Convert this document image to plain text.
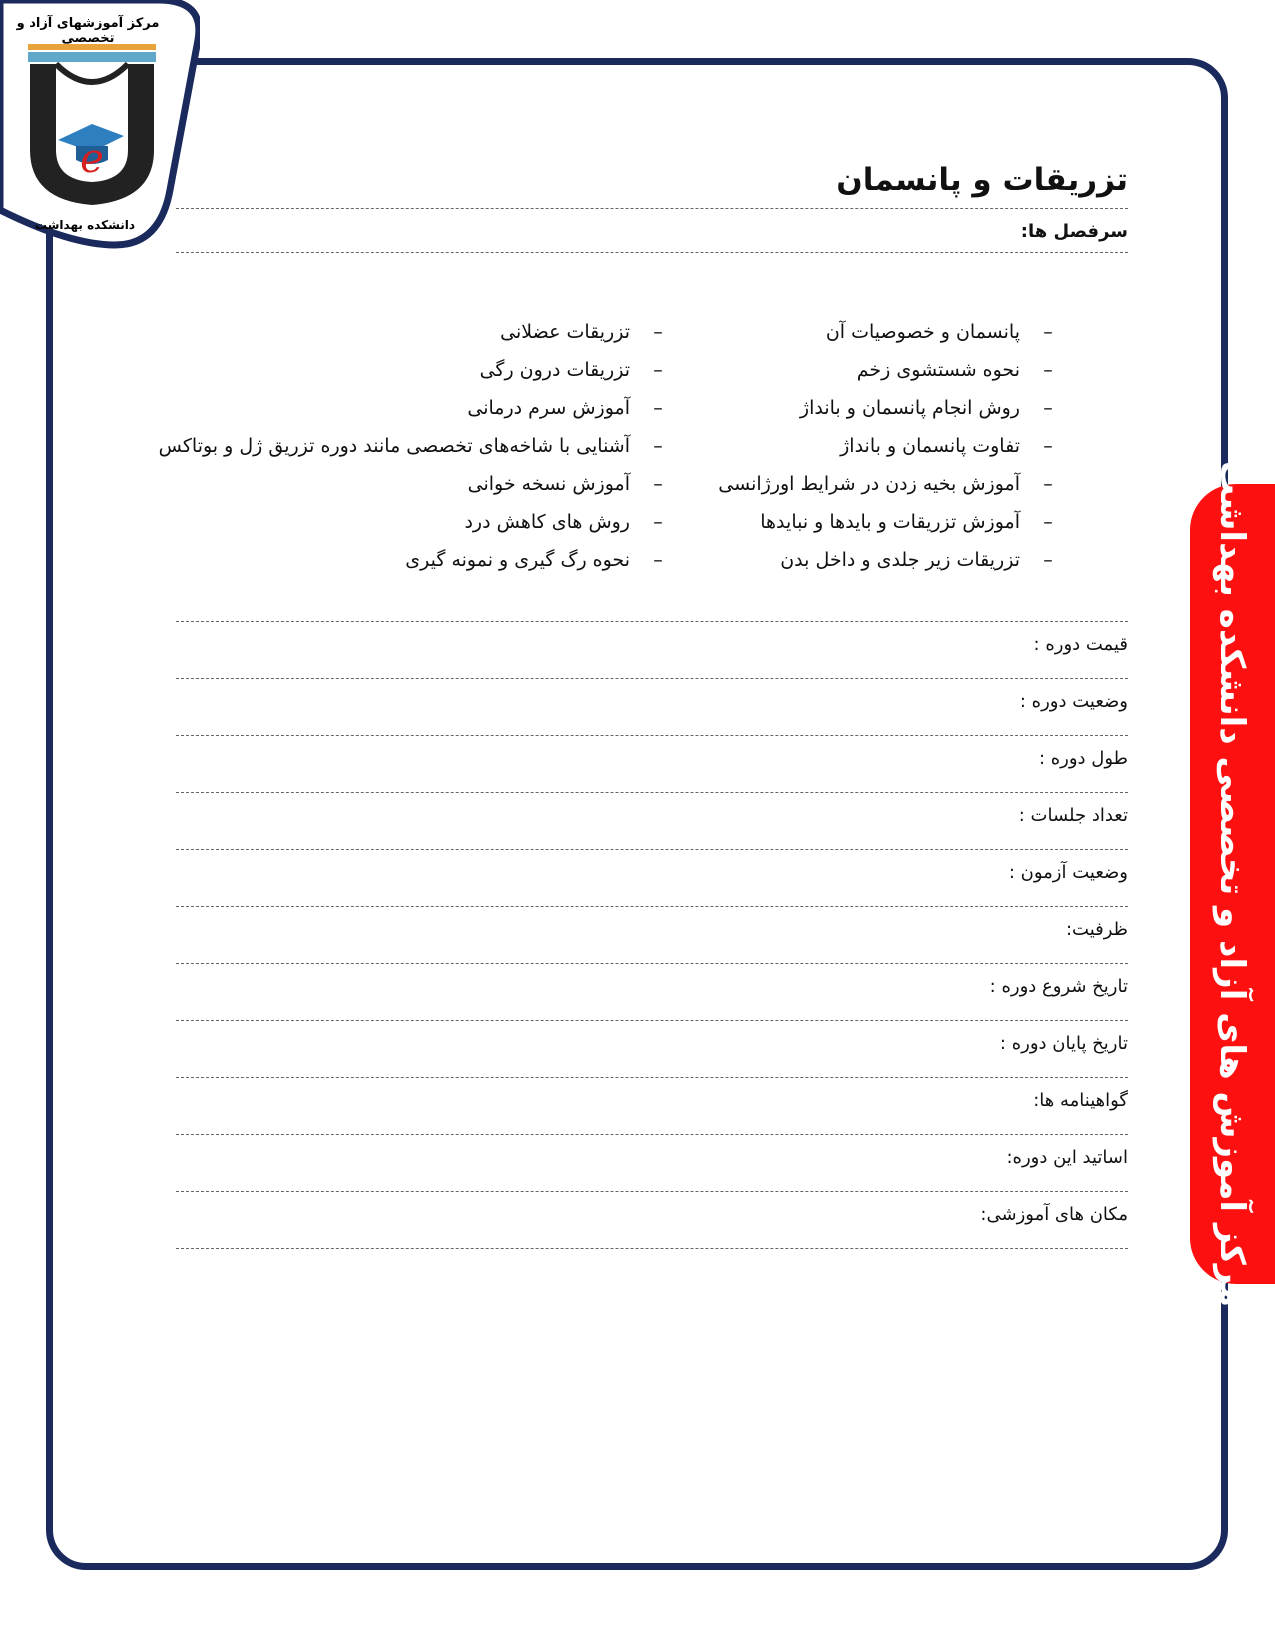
e
مرکز آموزشهای آزاد و تخصصی
دانشکده بهداشت
مرکز آموزش های آزاد و تخصصی دانشکده بهداشت
تزریقات و پانسمان
سرفصل ها:
–پانسمان و خصوصیات آن
–نحوه شستشوی زخم
–روش انجام پانسمان و بانداژ
–تفاوت پانسمان و بانداژ
–آموزش بخیه زدن در شرایط اورژانسی
–آموزش تزریقات و بایدها و نبایدها
–تزریقات زیر جلدی و داخل بدن
–تزریقات عضلانی
–تزریقات درون رگی
–آموزش سرم درمانی
–آشنایی با شاخه‌های تخصصی مانند دوره تزریق ژل و بوتاکس
–آموزش نسخه خوانی
–روش های کاهش درد
–نحوه رگ گیری و نمونه گیری
قیمت دوره :
وضعیت دوره :
طول دوره :
تعداد جلسات :
وضعیت آزمون :
ظرفیت:
تاریخ شروع دوره :
تاریخ پایان دوره :
گواهینامه ها:
اساتید این دوره:
مکان های آموزشی:
